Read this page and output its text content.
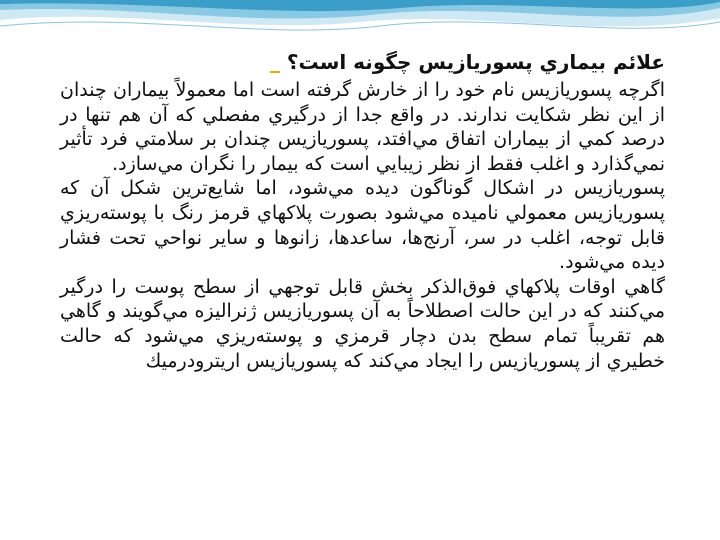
علائم بيماري پسوريازيس چگونه است؟

اگرچه پسوريازيس نام خود را از خارش گرفته است اما معمولاً بيماران چندان از اين نظر شكايت ندارند. در واقع جدا از درگيري مفصلي كه آن هم تنها در درصد كمي از بيماران اتفاق مي‌افتد، پسوريازيس چندان بر سلامتي فرد تأثير نمي‌گذارد و اغلب فقط از نظر زيبايي است كه بيمار را نگران مي‌سازد.

پسوريازيس در اشكال گوناگون ديده مي‌شود، اما شايع‌ترين شكل آن كه پسوريازيس معمولي ناميده مي‌شود بصورت پلاكهاي قرمز رنگ با پوسته‌ريزي قابل توجه، اغلب در سر، آرنج‌ها، ساعدها، زانوها و ساير نواحي تحت فشار ديده مي‌شود.

گاهي اوقات پلاكهاي فوق‌الذكر بخش قابل توجهي از سطح پوست را درگير مي‌كنند كه در اين حالت اصطلاحاً به آن پسوريازيس ژنراليزه مي‌گويند و گاهي هم تقريباً تمام سطح بدن دچار قرمزي و پوسته‌ريزي مي‌شود كه حالت خطيري از پسوريازيس را ايجاد مي‌كند كه پسوريازيس اريترودرميك
